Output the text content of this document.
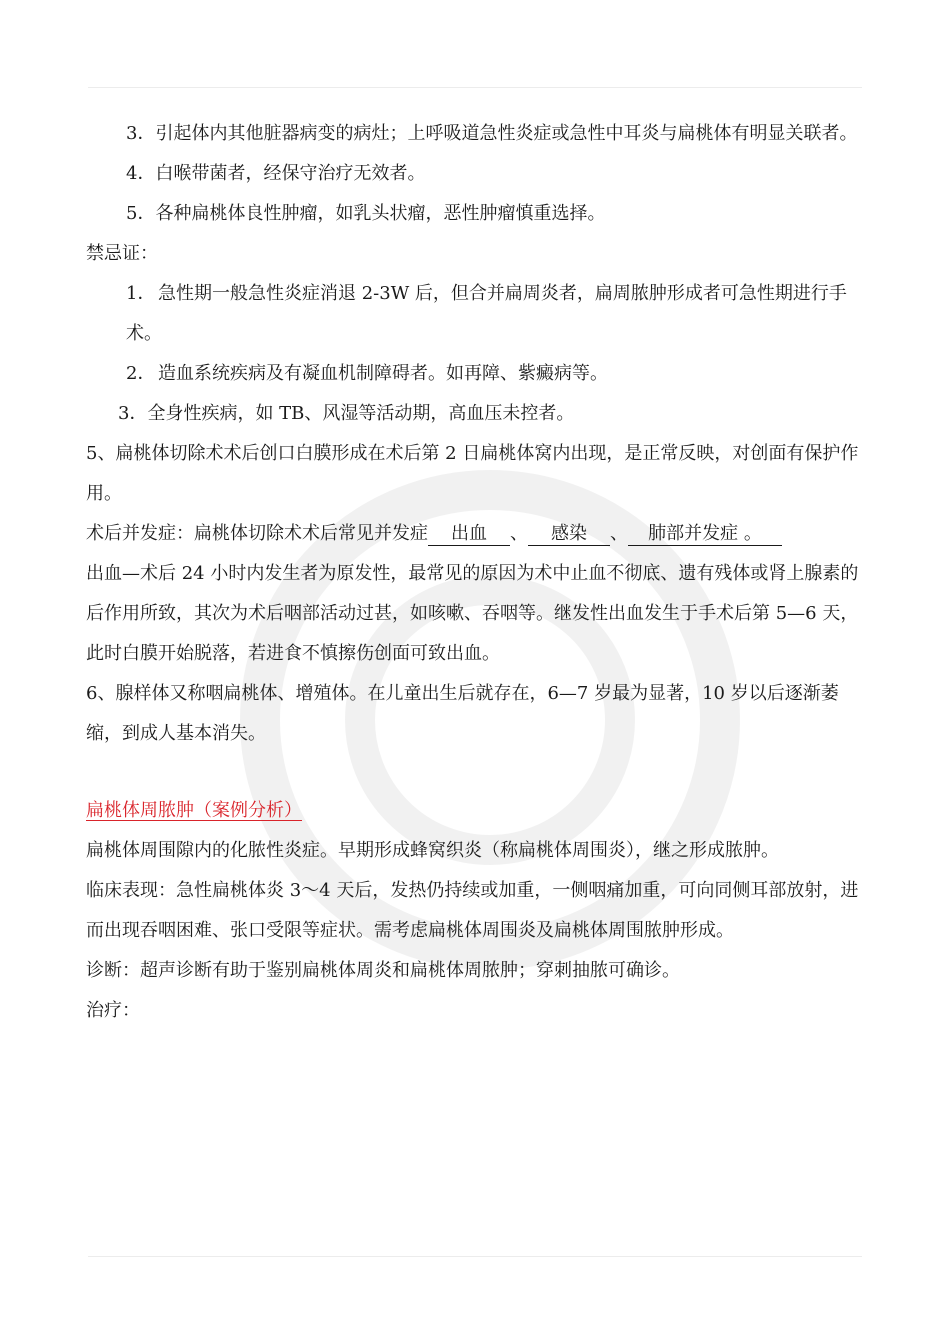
3．引起体内其他脏器病变的病灶；上呼吸道急性炎症或急性中耳炎与扁桃体有明显关联者。

4．白喉带菌者，经保守治疗无效者。

5．各种扁桃体良性肿瘤，如乳头状瘤，恶性肿瘤慎重选择。

禁忌证：

1． 急性期一般急性炎症消退 2-3W 后，但合并扁周炎者，扁周脓肿形成者可急性期进行手术。

2． 造血系统疾病及有凝血机制障碍者。如再障、紫癜病等。

3．全身性疾病，如 TB、风湿等活动期，高血压未控者。

5、扁桃体切除术术后创口白膜形成在术后第 2 日扁桃体窝内出现，是正常反映，对创面有保护作用。

术后并发症：扁桃体切除术术后常见并发症 出血 、 感染 、 肺部并发症 。

出血—术后 24 小时内发生者为原发性，最常见的原因为术中止血不彻底、遗有残体或肾上腺素的后作用所致，其次为术后咽部活动过甚，如咳嗽、吞咽等。继发性出血发生于手术后第 5—6 天，此时白膜开始脱落，若进食不慎擦伤创面可致出血。

6、腺样体又称咽扁桃体、增殖体。在儿童出生后就存在，6—7 岁最为显著，10 岁以后逐渐萎缩，到成人基本消失。

扁桃体周脓肿（案例分析）

扁桃体周围隙内的化脓性炎症。早期形成蜂窝织炎（称扁桃体周围炎），继之形成脓肿。

临床表现：急性扁桃体炎 3～4 天后，发热仍持续或加重，一侧咽痛加重，可向同侧耳部放射，进而出现吞咽困难、张口受限等症状。需考虑扁桃体周围炎及扁桃体周围脓肿形成。

诊断：超声诊断有助于鉴别扁桃体周炎和扁桃体周脓肿；穿刺抽脓可确诊。

治疗：
